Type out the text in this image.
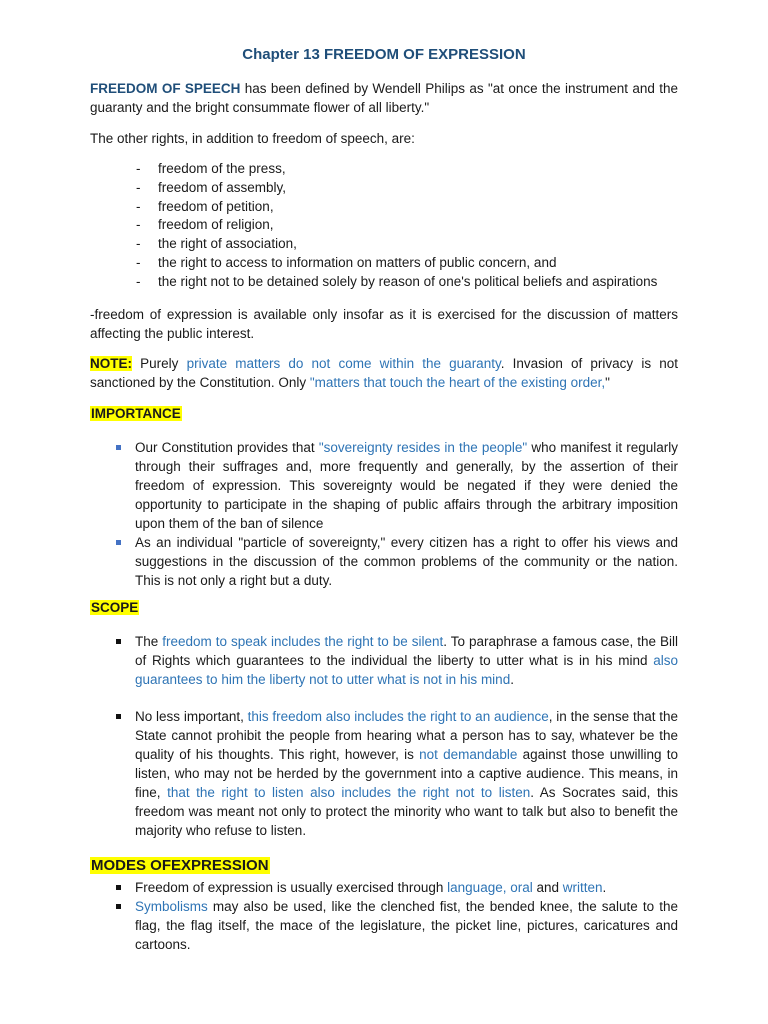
Chapter 13 FREEDOM OF EXPRESSION
FREEDOM OF SPEECH has been defined by Wendell Philips as "at once the instrument and the guaranty and the bright consummate flower of all liberty."
The other rights, in addition to freedom of speech, are:
- freedom of the press,
- freedom of assembly,
- freedom of petition,
- freedom of religion,
- the right of association,
- the right to access to information on matters of public concern, and
- the right not to be detained solely by reason of one's political beliefs and aspirations
-freedom of expression is available only insofar as it is exercised for the discussion of matters affecting the public interest.
NOTE: Purely private matters do not come within the guaranty. Invasion of privacy is not sanctioned by the Constitution. Only "matters that touch the heart of the existing order,"
IMPORTANCE
Our Constitution provides that "sovereignty resides in the people" who manifest it regularly through their suffrages and, more frequently and generally, by the assertion of their freedom of expression. This sovereignty would be negated if they were denied the opportunity to participate in the shaping of public affairs through the arbitrary imposition upon them of the ban of silence
As an individual "particle of sovereignty," every citizen has a right to offer his views and suggestions in the discussion of the common problems of the community or the nation. This is not only a right but a duty.
SCOPE
The freedom to speak includes the right to be silent. To paraphrase a famous case, the Bill of Rights which guarantees to the individual the liberty to utter what is in his mind also guarantees to him the liberty not to utter what is not in his mind.
No less important, this freedom also includes the right to an audience, in the sense that the State cannot prohibit the people from hearing what a person has to say, whatever be the quality of his thoughts. This right, however, is not demandable against those unwilling to listen, who may not be herded by the government into a captive audience. This means, in fine, that the right to listen also includes the right not to listen. As Socrates said, this freedom was meant not only to protect the minority who want to talk but also to benefit the majority who refuse to listen.
MODES OFEXPRESSION
Freedom of expression is usually exercised through language, oral and written.
Symbolisms may also be used, like the clenched fist, the bended knee, the salute to the flag, the flag itself, the mace of the legislature, the picket line, pictures, caricatures and cartoons.
